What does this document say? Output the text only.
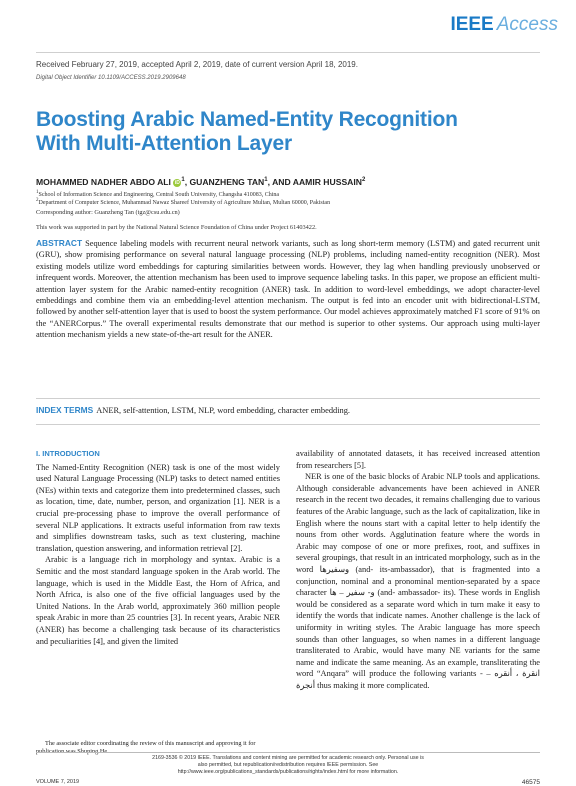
IEEE Access
Received February 27, 2019, accepted April 2, 2019, date of current version April 18, 2019.
Digital Object Identifier 10.1109/ACCESS.2019.2909648
Boosting Arabic Named-Entity Recognition With Multi-Attention Layer
MOHAMMED NADHER ABDO ALI iD $^1$, GUANZHENG TAN$^1$, AND AAMIR HUSSAIN$^2$
$^1$School of Information Science and Engineering, Central South University, Changsha 410083, China
$^2$Department of Computer Science, Muhammad Nawaz Shareef University of Agriculture Multan, Multan 60000, Pakistan
Corresponding author: Guanzheng Tan (tgz@csu.edu.cn)
This work was supported in part by the National Natural Science Foundation of China under Project 61403422.
ABSTRACT Sequence labeling models with recurrent neural network variants, such as long short-term memory (LSTM) and gated recurrent unit (GRU), show promising performance on several natural language processing (NLP) problems, including named-entity recognition (NER). Most existing models utilize word embeddings for capturing similarities between words. However, they lag when handling previously unobserved or infrequent words. Moreover, the attention mechanism has been used to improve sequence labeling tasks. In this paper, we propose an efficient multi-attention layer system for the Arabic named-entity recognition (ANER) task. In addition to word-level embeddings, we adopt character-level embeddings and combine them via an embedding-level attention mechanism. The output is fed into an encoder unit with bidirectional-LSTM, followed by another self-attention layer that is used to boost the system performance. Our model achieves approximately matched F1 score of 91% on the “ANERCorpus.” The overall experimental results demonstrate that our method is superior to other systems. Our approach using multi-layer attention mechanism yields a new state-of-the-art result for the ANER.
INDEX TERMS ANER, self-attention, LSTM, NLP, word embedding, character embedding.
I. INTRODUCTION

The Named-Entity Recognition (NER) task is one of the most widely used Natural Language Processing (NLP) tasks to detect named entities (NEs) within texts and categorize them into predetermined classes, such as location, time, date, number, person, and organization [1]. NER is a crucial pre-processing phase to improve the overall performance of several NLP applications. It extracts useful information from raw texts and simplifies downstream tasks, such as text clustering, machine translation, question answering, and information retrieval [2].

Arabic is a language rich in morphology and syntax. Arabic is a Semitic and the most standard language spoken in the Arab world. The language, which is used in the Middle East, the Horn of Africa, and North Africa, is also one of the five official languages used by the United Nations. In the Arab world, approximately 360 million people speak Arabic in more than 25 countries [3]. In recent years, Arabic NER (ANER) has become a challenging task because of its characteristics and peculiarities [4], and given the limited

availability of annotated datasets, it has received increased attention from researchers [5].

NER is one of the basic blocks of Arabic NLP tools and applications. Although considerable advancements have been achieved in ANER research in the recent two decades, it remains challenging due to various features of the Arabic language, such as the lack of capitalization, like in English where the nouns start with a capital letter to help identify the nouns from other words. Agglutination feature where the words in Arabic may compose of one or more prefixes, root, and suffixes in several groupings, that result in an intricated morphology, such as in the word وسفيرها (and- its-ambassador), that is fragmented into a conjunction, nominal and a pronominal mention-separated by a space character و- سفير – ها (and- ambassador- its). These words in English would be considered as a separate word which in turn make it easy to identify the words that indicate names. Another challenge is the lack of uniformity in writing styles. The Arabic language has more speech sounds than other languages, so when names in a different language transliterated to Arabic, would have many NE variants for the same name and indicate the same meaning. As an example, transliterating the word “Anqara” will produce the following variants - انقرة ، أنقره – أنجرة thus making it more complicated.

The associate editor coordinating the review of this manuscript and approving it for
2169-3536 © 2019 IEEE. Translations and content mining are permitted for academic research only. Personal use is also permitted, but republication/redistribution requires IEEE permission. See http://www.ieee.org/publications_standards/publications/rights/index.html for more information.
VOLUME 7, 2019	46575
